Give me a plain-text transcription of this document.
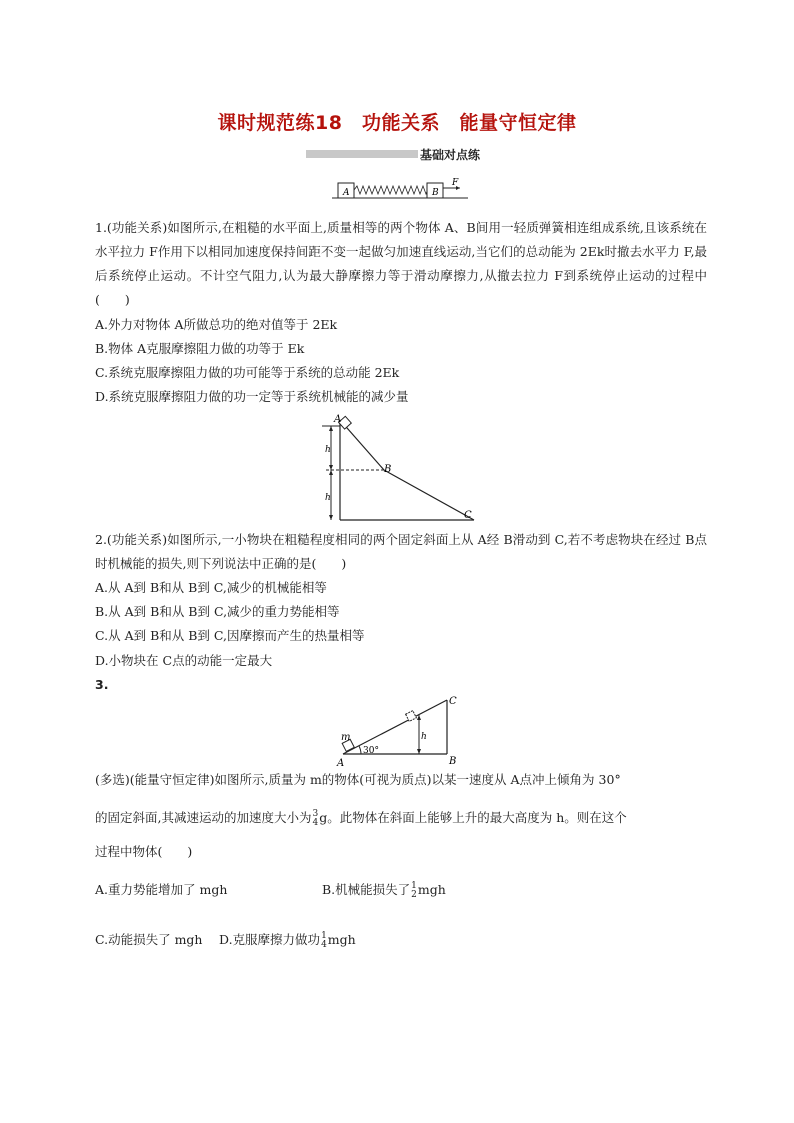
课时规范练18　功能关系　能量守恒定律
基础对点练
A	B
F
1.(功能关系)如图所示,在粗糙的水平面上,质量相等的两个物体 A、B间用一轻质弹簧相连组成系统,且该系统在水平拉力 F作用下以相同加速度保持间距不变一起做匀加速直线运动,当它们的总动能为 2Ek时撤去水平力 F,最后系统停止运动。不计空气阻力,认为最大静摩擦力等于滑动摩擦力,从撤去拉力 F到系统停止运动的过程中(　　)
A.外力对物体 A所做总功的绝对值等于 2Ek
B.物体 A克服摩擦阻力做的功等于 Ek
C.系统克服摩擦阻力做的功可能等于系统的总动能 2Ek
D.系统克服摩擦阻力做的功一定等于系统机械能的减少量
h
h
A
B
C
2.(功能关系)如图所示,一小物块在粗糙程度相同的两个固定斜面上从 A经 B滑动到 C,若不考虑物块在经过 B点时机械能的损失,则下列说法中正确的是(　　)
A.从 A到 B和从 B到 C,减少的机械能相等
B.从 A到 B和从 B到 C,减少的重力势能相等
C.从 A到 B和从 B到 C,因摩擦而产生的热量相等
D.小物块在 C点的动能一定最大
3.
h
30°
m
A	B
C
(多选)(能量守恒定律)如图所示,质量为 m的物体(可视为质点)以某一速度从 A点冲上倾角为 30°
的固定斜面,其减速运动的加速度大小为 3
4 g。此物体在斜面上能够上升的最大高度为 h。则在这个
过程中物体(　　)
A.重力势能增加了 mgh	B.机械能损失了 1
2 mgh
C.动能损失了 mgh D.克服摩擦力做功 1
4 mgh
